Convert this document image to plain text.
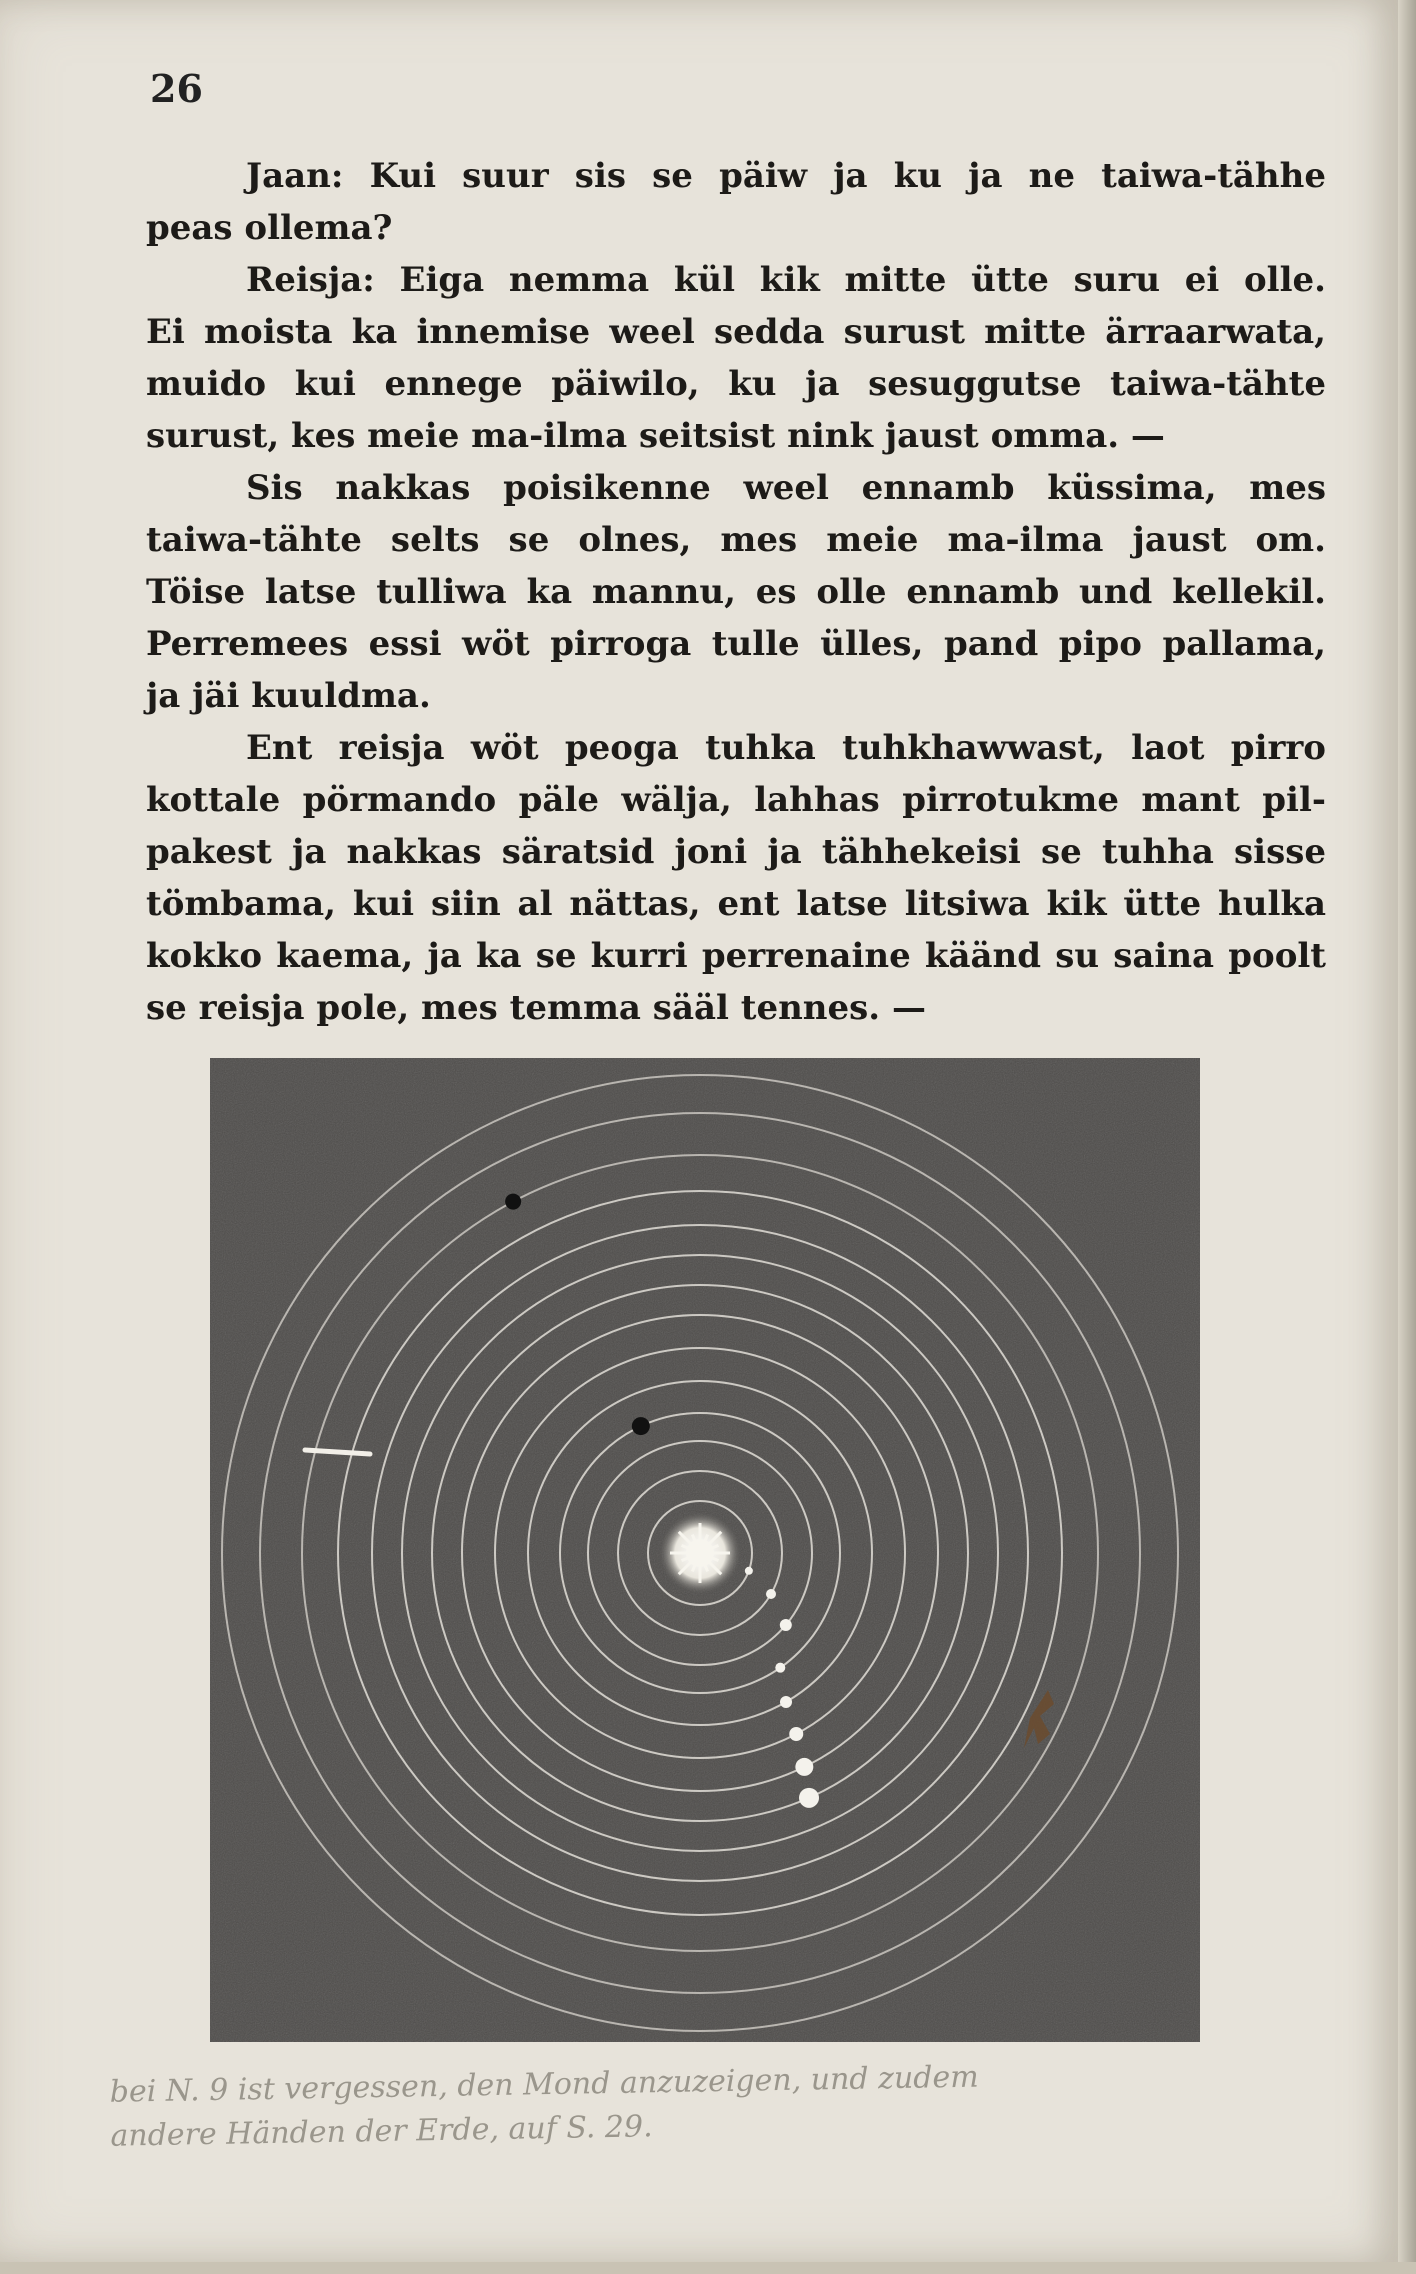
26
Jaan: Kui suur sis se päiw ja ku ja ne taiwa-tähhe
peas ollema?
Reisja: Eiga nemma kül kik mitte ütte suru ei olle.
Ei moista ka innemise weel sedda surust mitte ärraarwata,
muido kui ennege päiwilo, ku ja sesuggutse taiwa-tähte
surust, kes meie ma-ilma seitsist nink jaust omma. —
Sis nakkas poisikenne weel ennamb küssima, mes
taiwa-tähte selts se olnes, mes meie ma-ilma jaust om.
Töise latse tulliwa ka mannu, es olle ennamb und kellekil.
Perremees essi wöt pirroga tulle ülles, pand pipo pallama,
ja jäi kuuldma.
Ent reisja wöt peoga tuhka tuhkhawwast, laot pirro
kottale pörmando päle wälja, lahhas pirrotukme mant pil-
pakest ja nakkas säratsid joni ja tähhekeisi se tuhha sisse
tömbama, kui siin al nättas, ent latse litsiwa kik ütte hulka
kokko kaema, ja ka se kurri perrenaine käänd su saina poolt
se reisja pole, mes temma sääl tennes. —
bei N. 9 ist vergessen, den Mond anzuzeigen, und zudem
andere Händen der Erde, auf S. 29.
